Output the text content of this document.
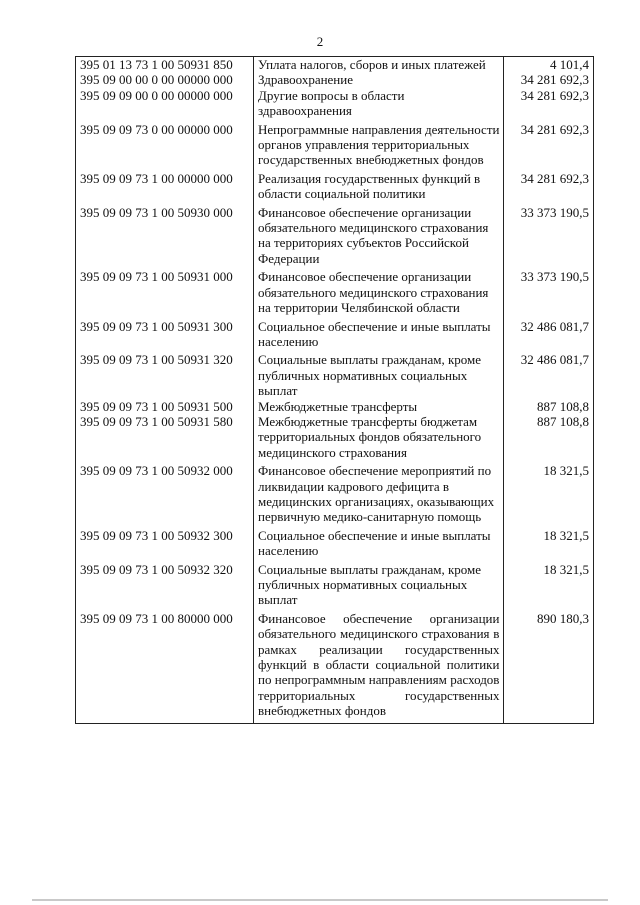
2
395 01 13 73 1 00 50931 850	Уплата налогов, сборов и иных платежей	4 101,4
395 09 00 00 0 00 00000 000	Здравоохранение	34 281 692,3
395 09 09 00 0 00 00000 000	Другие вопросы в области здравоохранения	34 281 692,3
395 09 09 73 0 00 00000 000	Непрограммные направления деятельности органов управления территориальных государственных внебюджетных фондов	34 281 692,3
395 09 09 73 1 00 00000 000	Реализация государственных функций в области социальной политики	34 281 692,3
395 09 09 73 1 00 50930 000	Финансовое обеспечение организации обязательного медицинского страхования на территориях субъектов Российской Федерации	33 373 190,5
395 09 09 73 1 00 50931 000	Финансовое обеспечение организации обязательного медицинского страхования на территории Челябинской области	33 373 190,5
395 09 09 73 1 00 50931 300	Социальное обеспечение и иные выплаты населению	32 486 081,7
395 09 09 73 1 00 50931 320	Социальные выплаты гражданам, кроме публичных нормативных социальных выплат	32 486 081,7
395 09 09 73 1 00 50931 500	Межбюджетные трансферты	887 108,8
395 09 09 73 1 00 50931 580	Межбюджетные трансферты бюджетам территориальных фондов обязательного медицинского страхования	887 108,8
395 09 09 73 1 00 50932 000	Финансовое обеспечение мероприятий по ликвидации кадрового дефицита в медицинских организациях, оказывающих первичную медико-санитарную помощь	18 321,5
395 09 09 73 1 00 50932 300	Социальное обеспечение и иные выплаты населению	18 321,5
395 09 09 73 1 00 50932 320	Социальные выплаты гражданам, кроме публичных нормативных социальных выплат	18 321,5
395 09 09 73 1 00 80000 000	Финансовое обеспечение организации обязательного медицинского страхования в рамках реализации государственных функций в области социальной политики по непрограммным направлениям расходов территориальных государственных внебюджетных фондов	890 180,3
